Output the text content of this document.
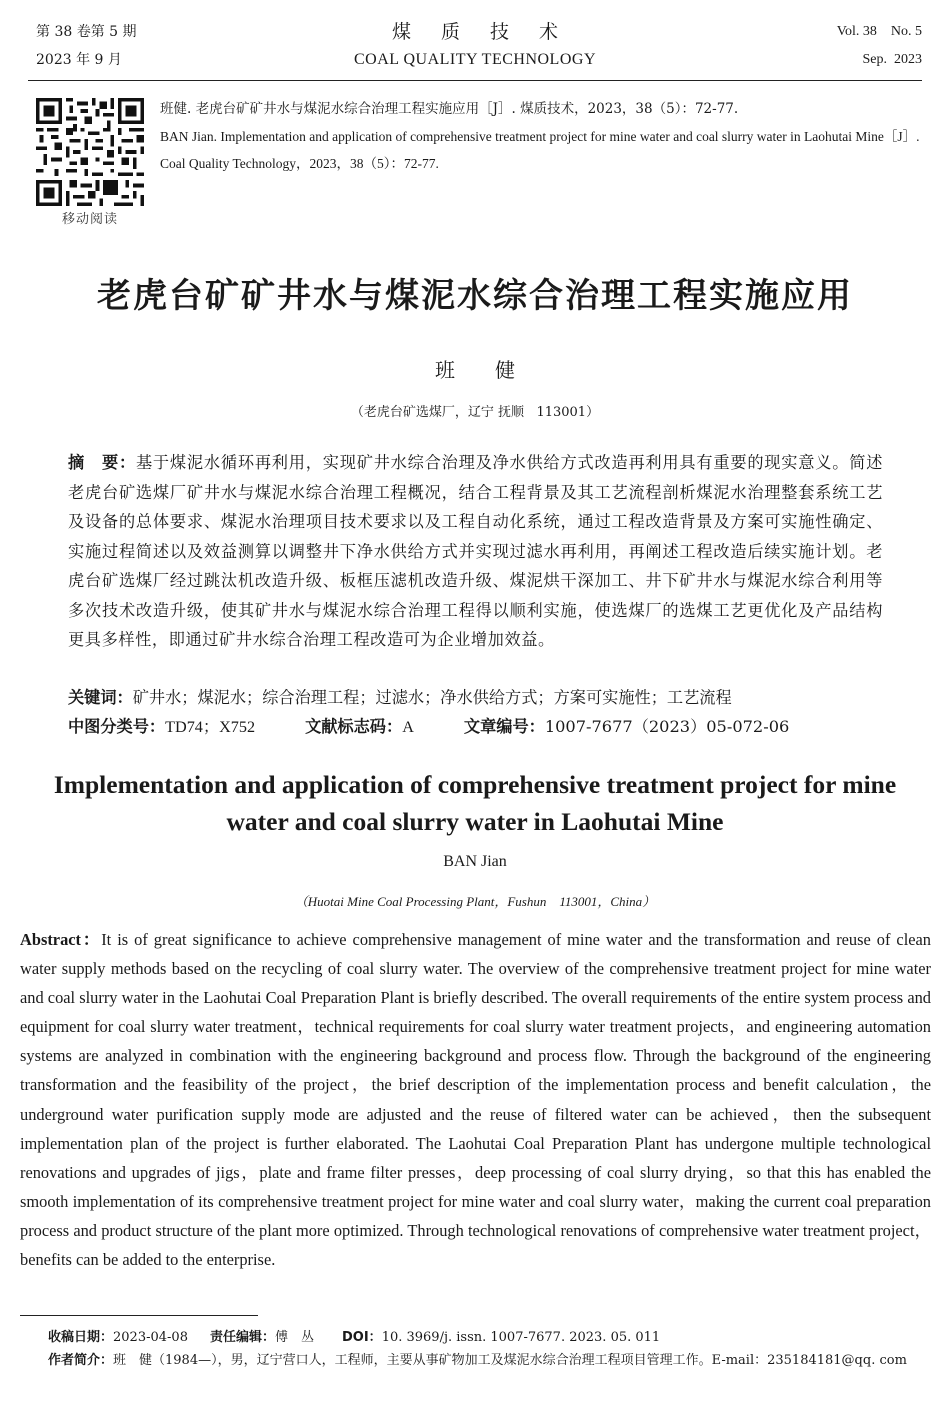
第 38 卷第 5 期
2023 年 9 月
煤质技术
COAL QUALITY TECHNOLOGY
Vol. 38    No. 5
Sep.  2023
移动阅读
班健. 老虎台矿矿井水与煤泥水综合治理工程实施应用［J］. 煤质技术，2023，38（5）：72-77.
BAN Jian. Implementation and application of comprehensive treatment project for mine water and coal slurry water in Laohutai Mine［J］. Coal Quality Technology，2023，38（5）：72-77.
老虎台矿矿井水与煤泥水综合治理工程实施应用
班健
（老虎台矿选煤厂，辽宁 抚顺   113001）
摘　要：基于煤泥水循环再利用，实现矿井水综合治理及净水供给方式改造再利用具有重要的现实意义。简述老虎台矿选煤厂矿井水与煤泥水综合治理工程概况，结合工程背景及其工艺流程剖析煤泥水治理整套系统工艺及设备的总体要求、煤泥水治理项目技术要求以及工程自动化系统，通过工程改造背景及方案可实施性确定、实施过程简述以及效益测算以调整井下净水供给方式并实现过滤水再利用，再阐述工程改造后续实施计划。老虎台矿选煤厂经过跳汰机改造升级、板框压滤机改造升级、煤泥烘干深加工、井下矿井水与煤泥水综合利用等多次技术改造升级，使其矿井水与煤泥水综合治理工程得以顺利实施，使选煤厂的选煤工艺更优化及产品结构更具多样性，即通过矿井水综合治理工程改造可为企业增加效益。
关键词：矿井水；煤泥水；综合治理工程；过滤水；净水供给方式；方案可实施性；工艺流程
中图分类号：TD74；X752	文献标志码：A	文章编号：1007-7677（2023）05-072-06
Implementation and application of comprehensive treatment project for mine water and coal slurry water in Laohutai Mine
BAN Jian
（Huotai Mine Coal Processing Plant，Fushun    113001，China）
Abstract：It is of great significance to achieve comprehensive management of mine water and the transformation and reuse of clean water supply methods based on the recycling of coal slurry water. The overview of the comprehensive treatment project for mine water and coal slurry water in the Laohutai Coal Preparation Plant is briefly described. The overall requirements of the entire system process and equipment for coal slurry water treatment，technical requirements for coal slurry water treatment projects，and engineering automation systems are analyzed in combination with the engineering background and process flow. Through the background of the engineering transformation and the feasibility of the project，the brief description of the implementation process and benefit calculation，the underground water purification supply mode are adjusted and the reuse of filtered water can be achieved，then the subsequent implementation plan of the project is further elaborated. The Laohutai Coal Preparation Plant has undergone multiple technological renovations and upgrades of jigs，plate and frame filter presses，deep processing of coal slurry drying，so that this has enabled the smooth implementation of its comprehensive treatment project for mine water and coal slurry water，making the current coal preparation process and product structure of the plant more optimized. Through technological renovations of comprehensive water treatment project，benefits can be added to the enterprise.
收稿日期：2023-04-08 责任编辑：傅　丛 DOI：10. 3969/j. issn. 1007-7677. 2023. 05. 011
作者简介：班　健（1984—），男，辽宁营口人，工程师，主要从事矿物加工及煤泥水综合治理工程项目管理工作。E-mail：235184181@qq. com
